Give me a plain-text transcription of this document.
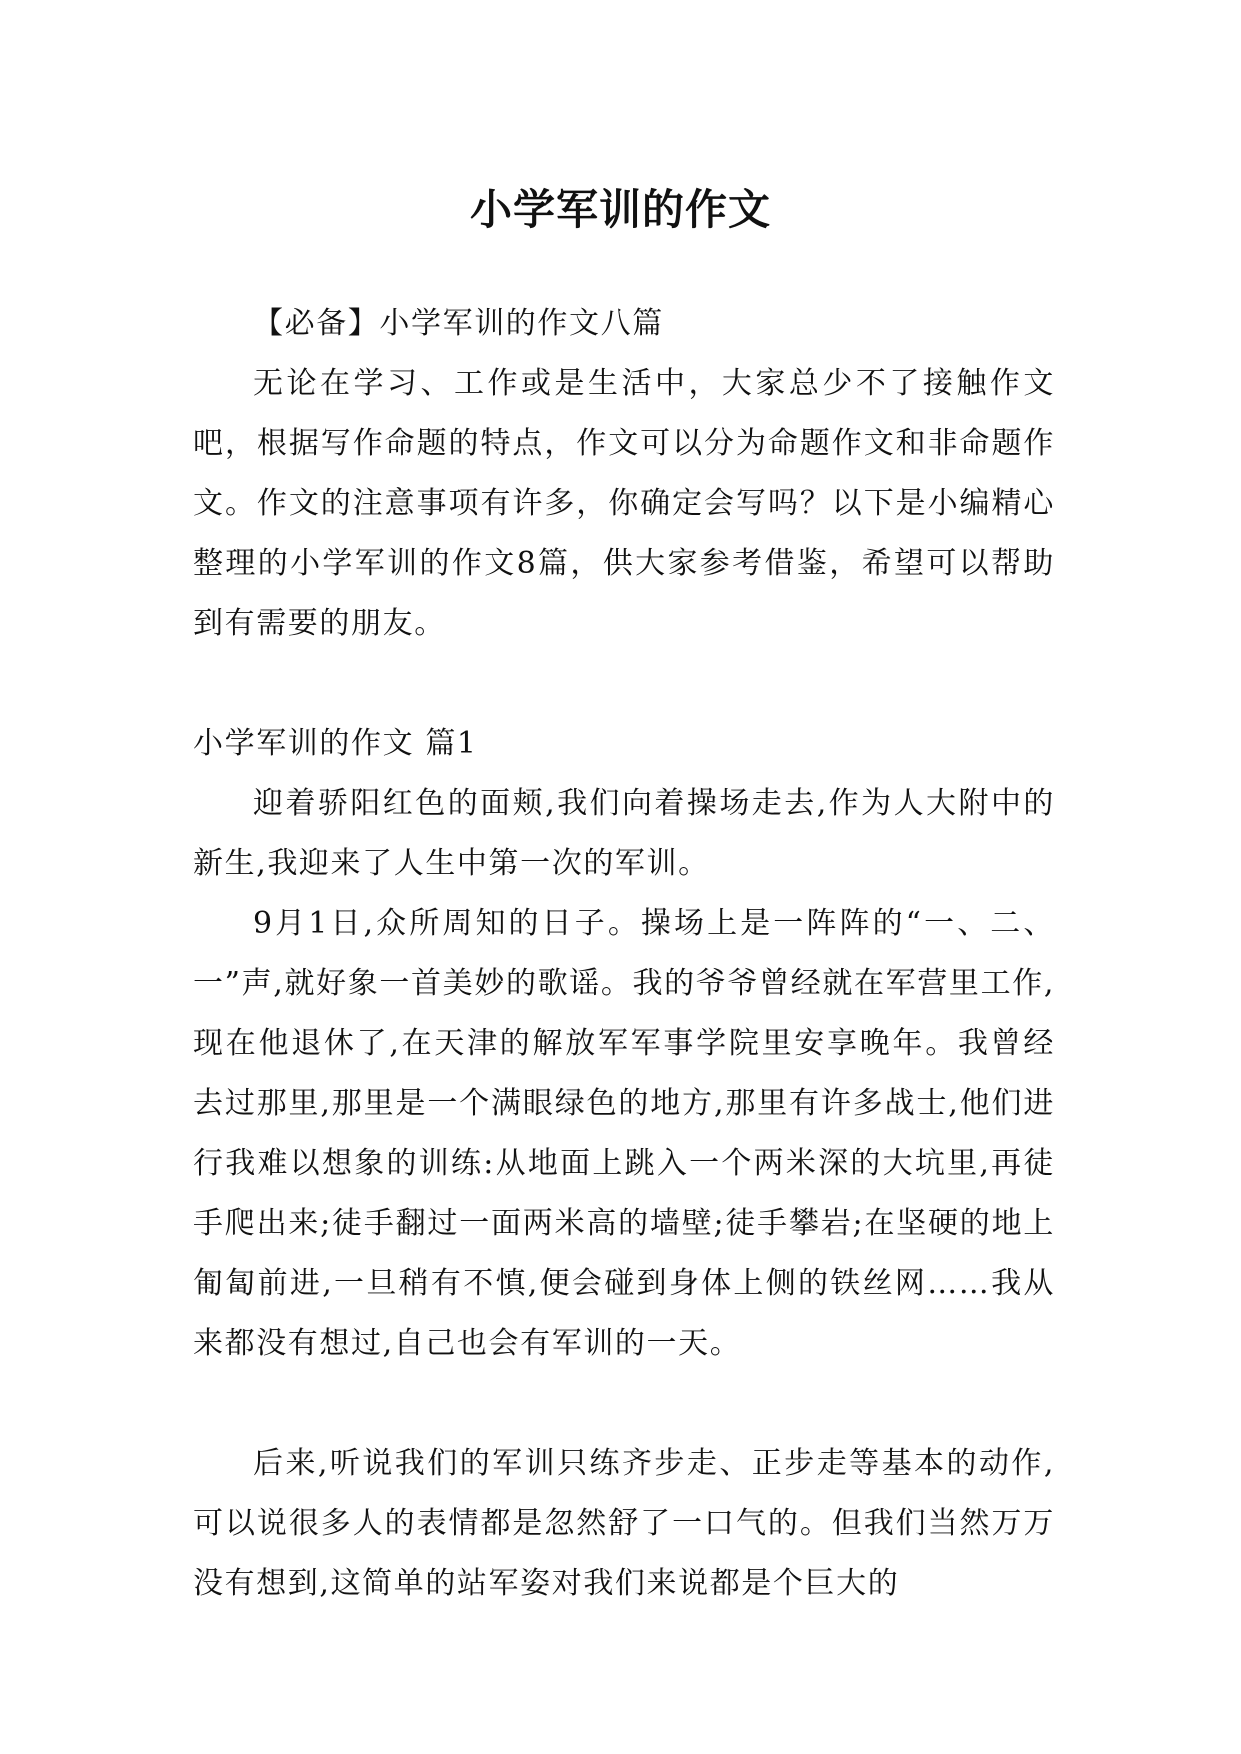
小学军训的作文

【必备】小学军训的作文八篇

无论在学习、工作或是生活中，大家总少不了接触作文吧，根据写作命题的特点，作文可以分为命题作文和非命题作文。作文的注意事项有许多，你确定会写吗？以下是小编精心整理的小学军训的作文8篇，供大家参考借鉴，希望可以帮助到有需要的朋友。

小学军训的作文 篇1

迎着骄阳红色的面颊,我们向着操场走去,作为人大附中的新生,我迎来了人生中第一次的军训。

9月1日,众所周知的日子。操场上是一阵阵的“一、二、一”声,就好象一首美妙的歌谣。我的爷爷曾经就在军营里工作,现在他退休了,在天津的解放军军事学院里安享晚年。我曾经去过那里,那里是一个满眼绿色的地方,那里有许多战士,他们进行我难以想象的训练:从地面上跳入一个两米深的大坑里,再徒手爬出来;徒手翻过一面两米高的墙壁;徒手攀岩;在坚硬的地上匍匐前进,一旦稍有不慎,便会碰到身体上侧的铁丝网……我从来都没有想过,自己也会有军训的一天。

后来,听说我们的军训只练齐步走、正步走等基本的动作,可以说很多人的表情都是忽然舒了一口气的。但我们当然万万没有想到,这简单的站军姿对我们来说都是个巨大的
